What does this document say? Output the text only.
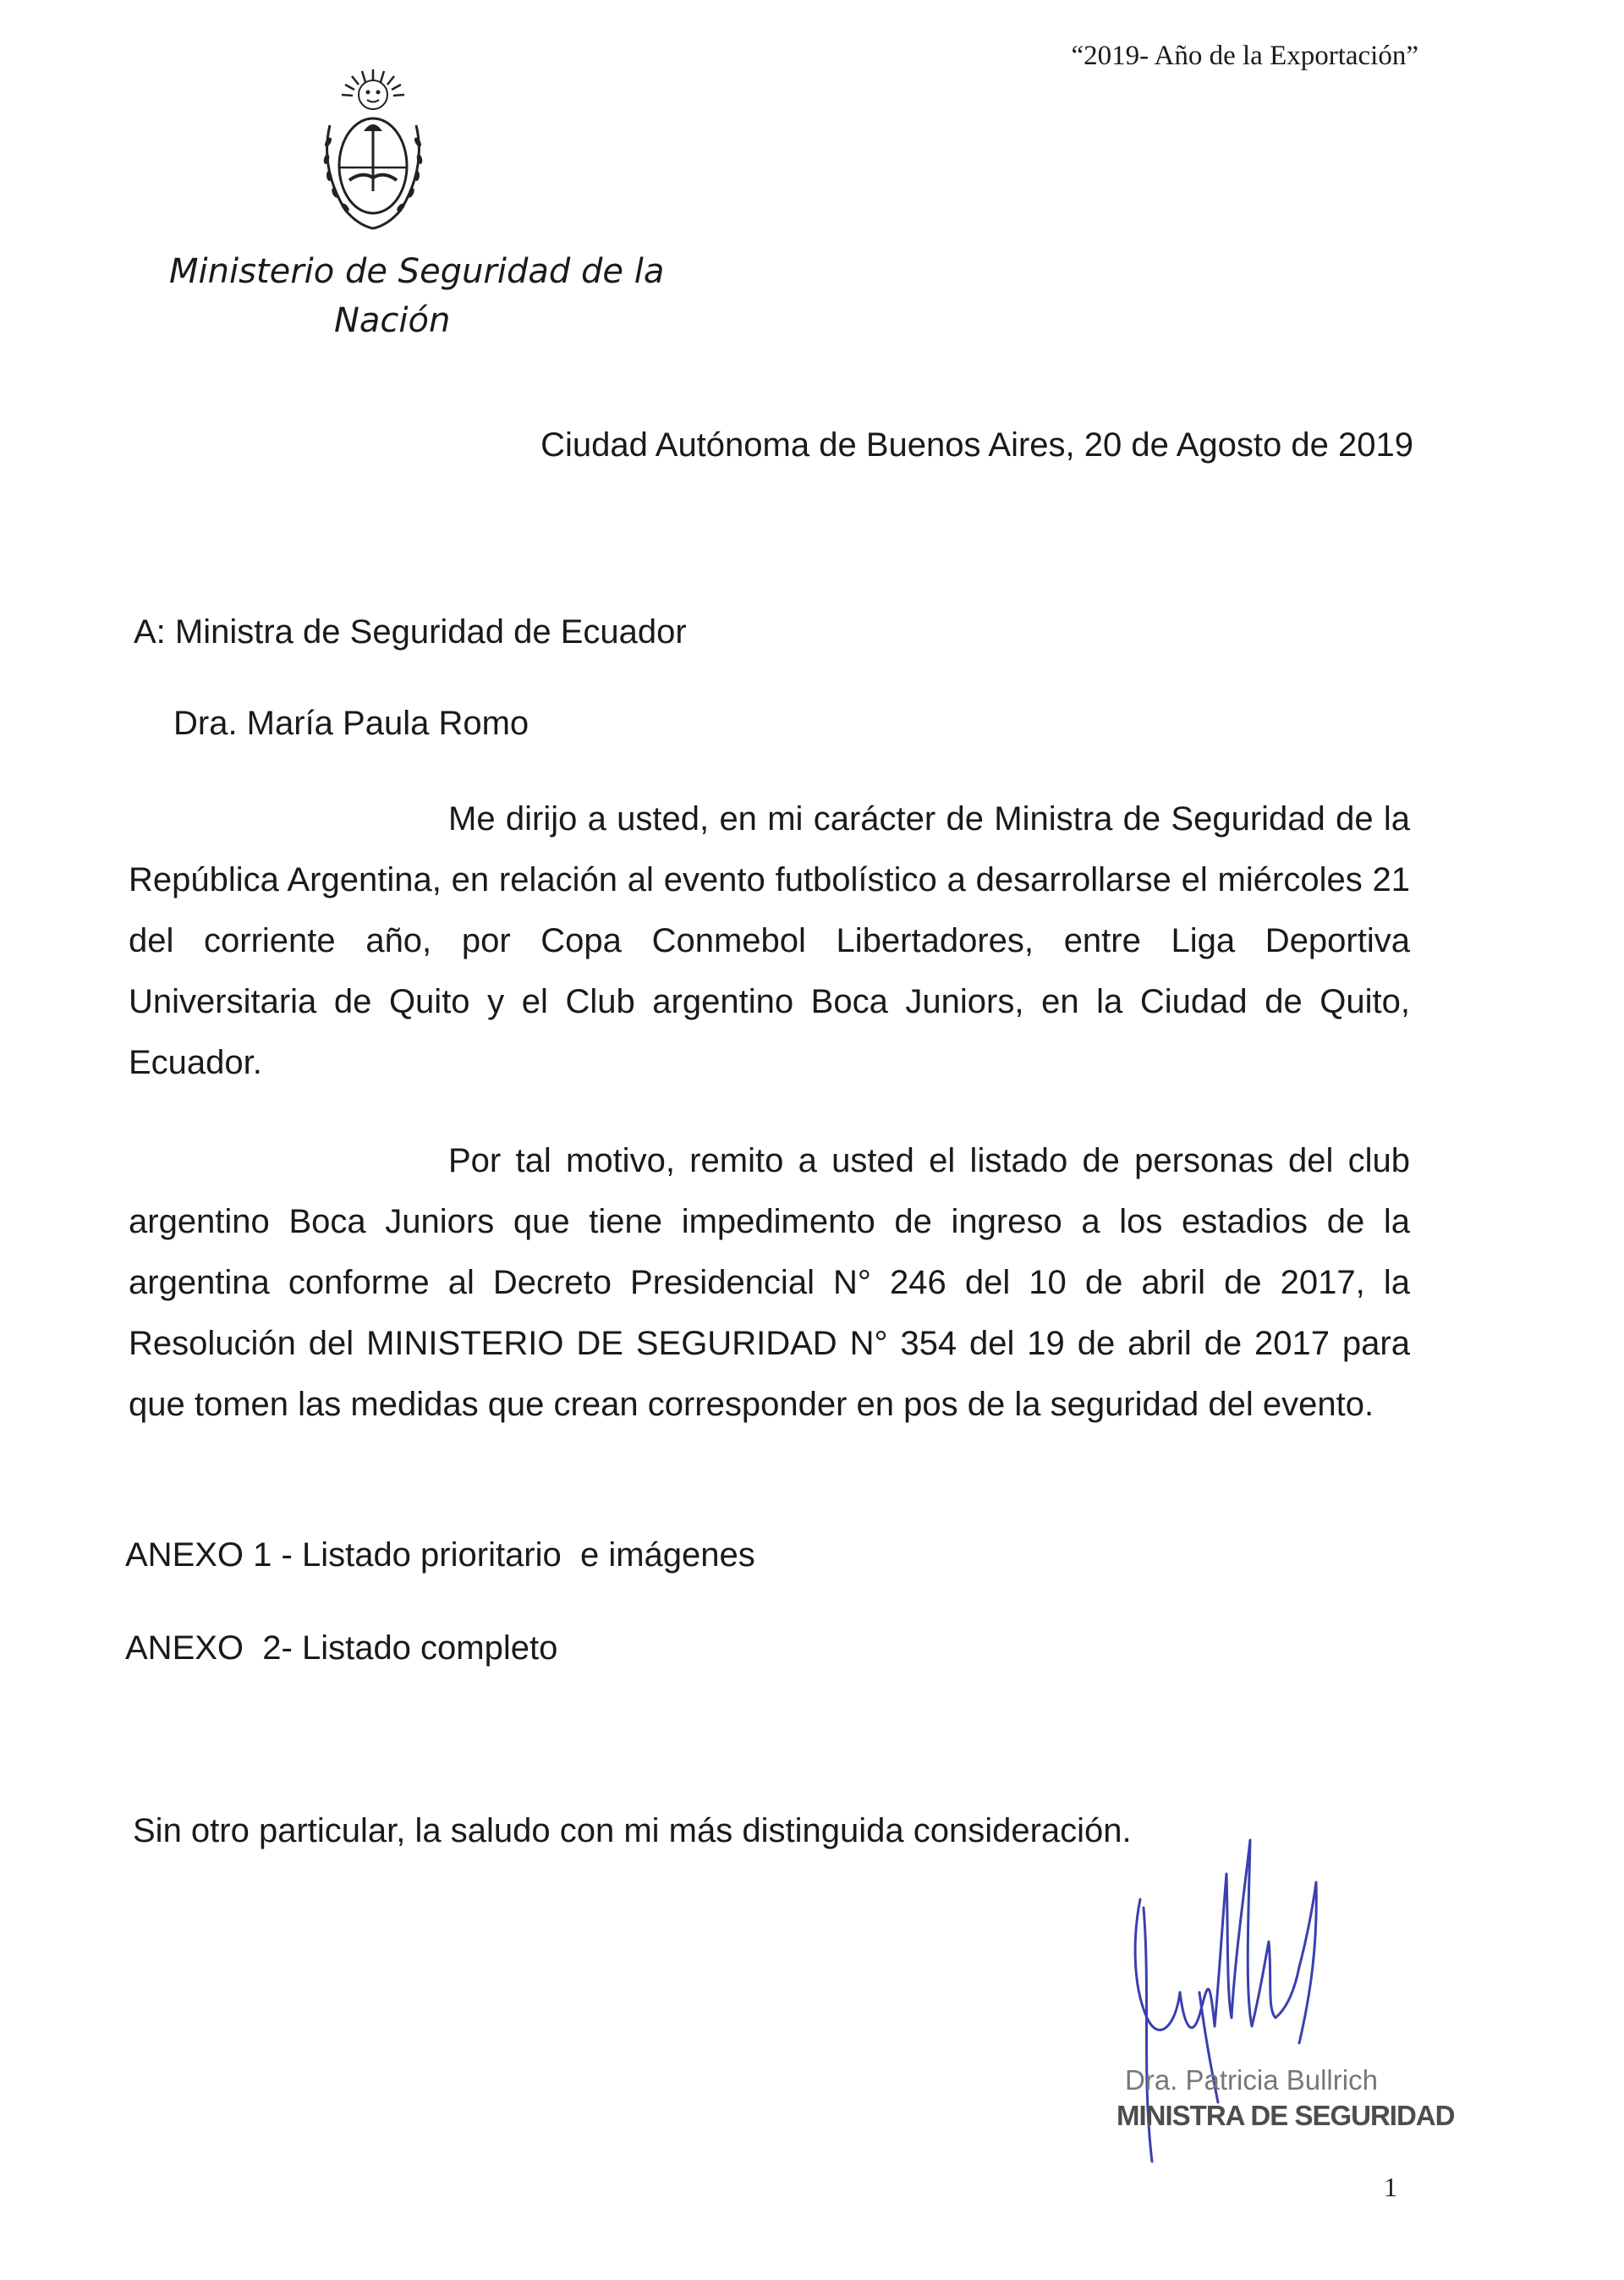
“2019- Año de la Exportación”
Ministerio de Seguridad de la
Nación
Ciudad Autónoma de Buenos Aires, 20 de Agosto de 2019
A: Ministra de Seguridad de Ecuador
Dra. María Paula Romo
Me dirijo a usted, en mi carácter de Ministra de Seguridad de la República Argentina, en relación al evento futbolístico a desarrollarse el miércoles 21 del corriente año, por Copa Conmebol Libertadores, entre Liga Deportiva Universitaria de Quito y el Club argentino Boca Juniors, en la Ciudad de Quito, Ecuador.
Por tal motivo, remito a usted el listado de personas del club argentino Boca Juniors que tiene impedimento de ingreso a los estadios de la argentina conforme al Decreto Presidencial N° 246 del 10 de abril de 2017, la Resolución del MINISTERIO DE SEGURIDAD N° 354 del 19 de abril de 2017 para que tomen las medidas que crean corresponder en pos de la seguridad del evento.
ANEXO 1 - Listado prioritario  e imágenes
ANEXO  2- Listado completo
Sin otro particular, la saludo con mi más distinguida consideración.
Dra. Patricia Bullrich
MINISTRA DE SEGURIDAD
1
